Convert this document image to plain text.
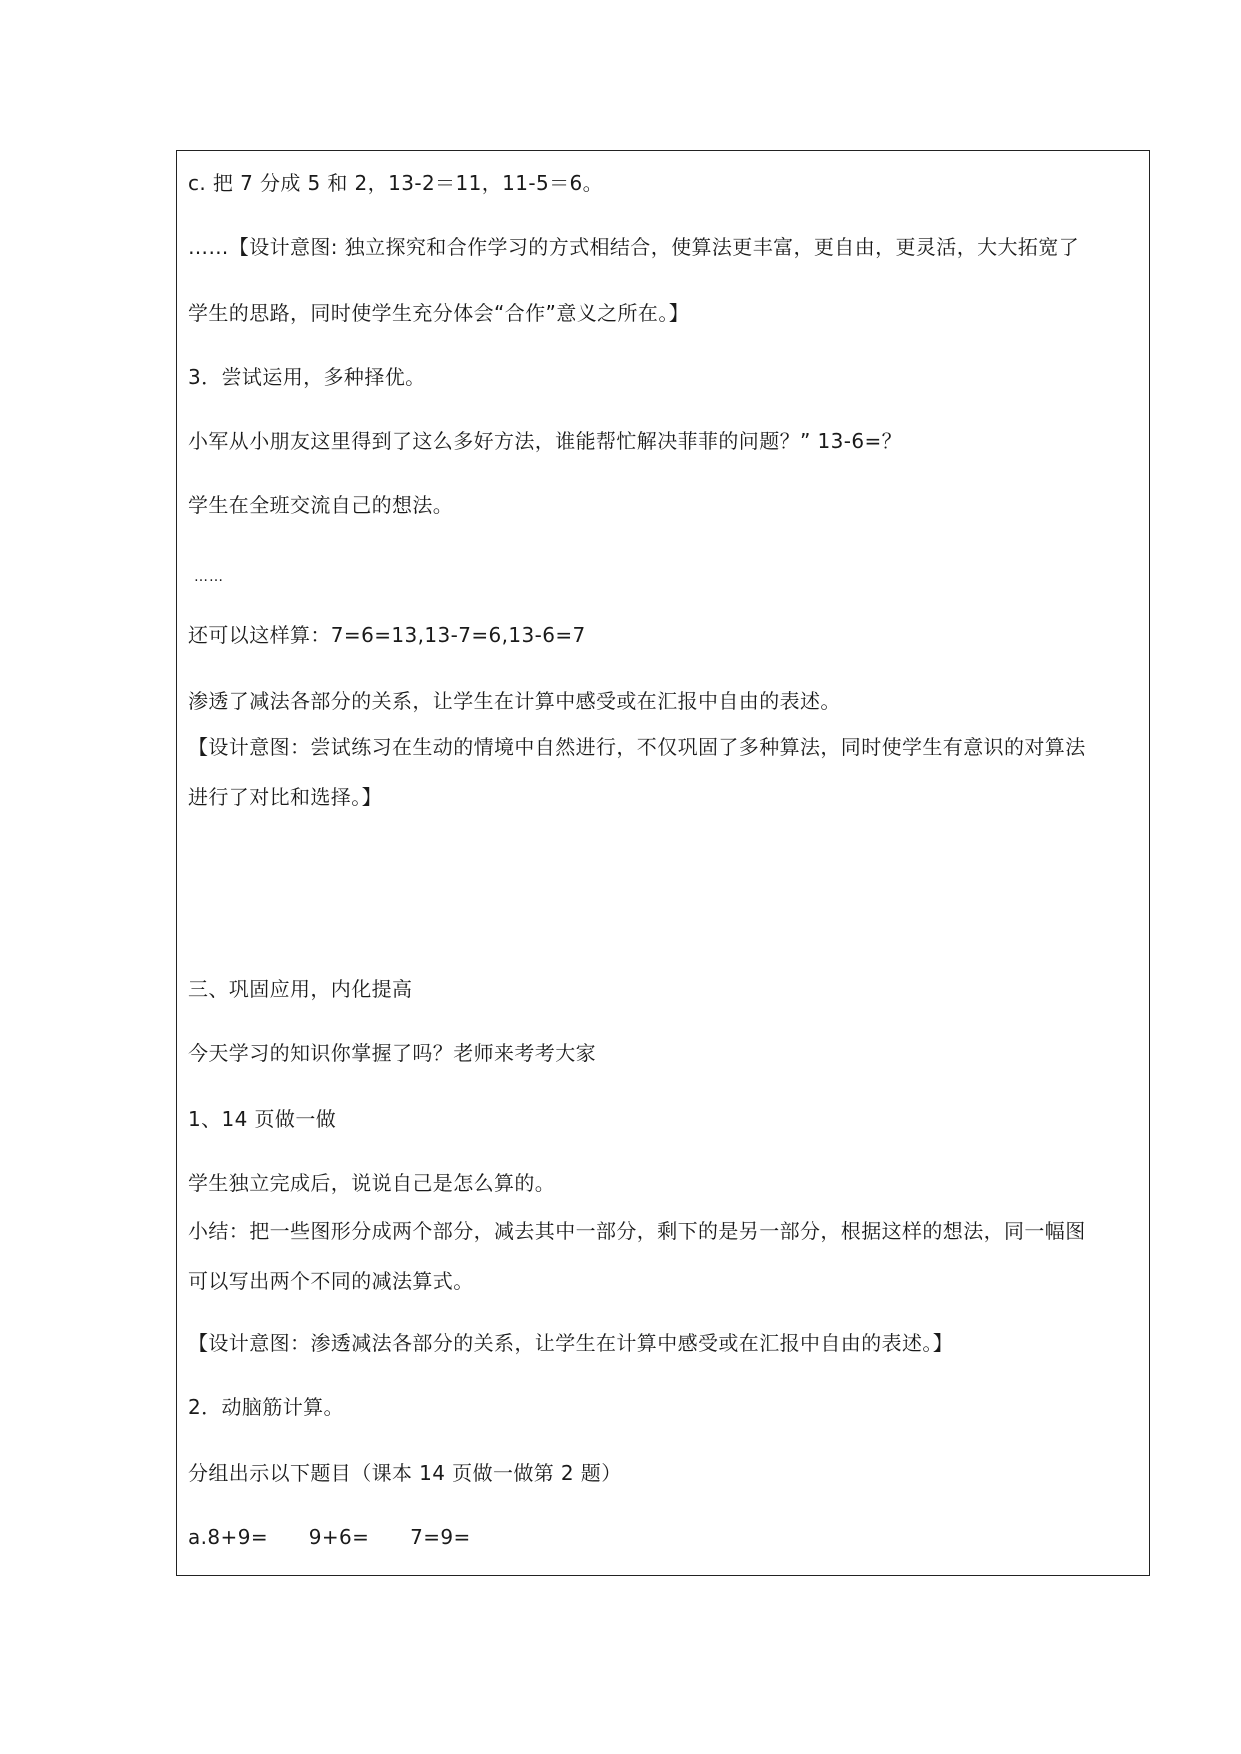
c. 把 7 分成 5 和 2，13-2＝11，11-5＝6。
……【设计意图: 独立探究和合作学习的方式相结合，使算法更丰富，更自由，更灵活，大大拓宽了
学生的思路，同时使学生充分体会“合作”意义之所在。】
3．尝试运用，多种择优。
小军从小朋友这里得到了这么多好方法，谁能帮忙解决菲菲的问题？” 13-6=？
学生在全班交流自己的想法。
……
还可以这样算：7=6=13,13-7=6,13-6=7
渗透了减法各部分的关系，让学生在计算中感受或在汇报中自由的表述。
【设计意图：尝试练习在生动的情境中自然进行，不仅巩固了多种算法，同时使学生有意识的对算法
进行了对比和选择。】
三、巩固应用，内化提高
今天学习的知识你掌握了吗？老师来考考大家
1、14 页做一做
学生独立完成后，说说自己是怎么算的。
小结：把一些图形分成两个部分，减去其中一部分，剩下的是另一部分，根据这样的想法，同一幅图
可以写出两个不同的减法算式。
【设计意图：渗透减法各部分的关系，让学生在计算中感受或在汇报中自由的表述。】
2．动脑筋计算。
分组出示以下题目（课本 14 页做一做第 2 题）
a.8+9=　　9+6=　　7=9=
